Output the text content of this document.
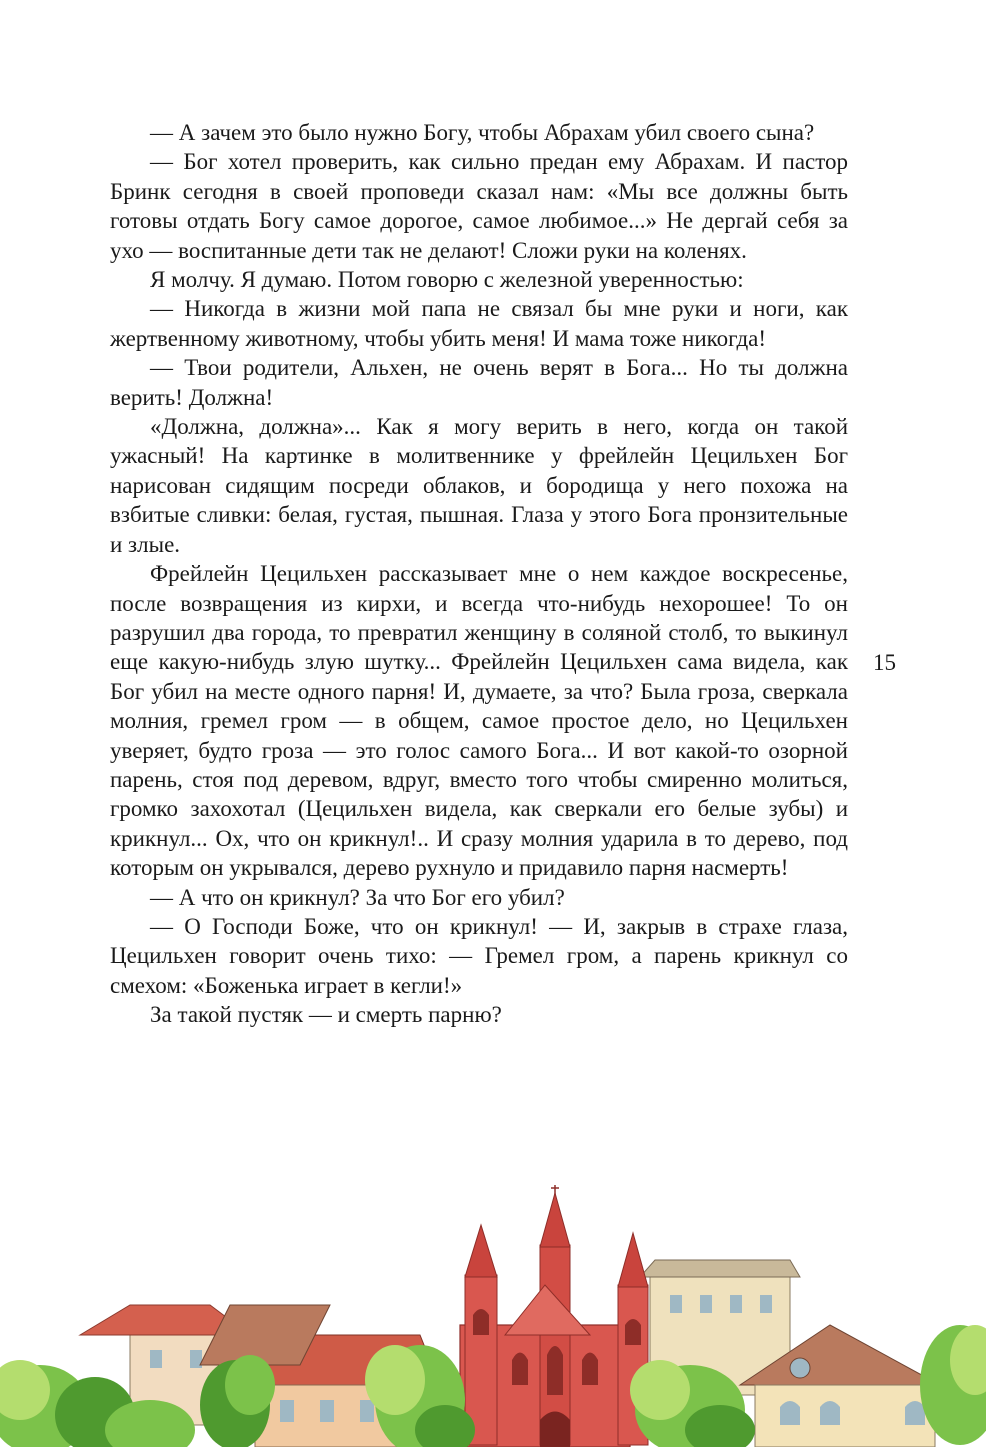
— А зачем это было нужно Богу, чтобы Абрахам убил своего сына?

— Бог хотел проверить, как сильно предан ему Абрахам. И пастор Бринк сегодня в своей проповеди сказал нам: «Мы все должны быть готовы отдать Богу самое дорогое, самое любимое...» Не дергай себя за ухо — воспитанные дети так не делают! Сложи руки на коленях.

Я молчу. Я думаю. Потом говорю с железной уверенностью:

— Никогда в жизни мой папа не связал бы мне руки и ноги, как жертвенному животному, чтобы убить меня! И мама тоже никогда!

— Твои родители, Альхен, не очень верят в Бога... Но ты должна верить! Должна!

«Должна, должна»... Как я могу верить в него, когда он такой ужасный! На картинке в молитвеннике у фрейлейн Цецильхен Бог нарисован сидящим посреди облаков, и бородища у него похожа на взбитые сливки: белая, густая, пышная. Глаза у этого Бога пронзительные и злые.

Фрейлейн Цецильхен рассказывает мне о нем каждое воскресенье, после возвращения из кирхи, и всегда что-нибудь нехорошее! То он разрушил два города, то превратил женщину в соляной столб, то выкинул еще какую-нибудь злую шутку... Фрейлейн Цецильхен сама видела, как Бог убил на месте одного парня! И, думаете, за что? Была гроза, сверкала молния, гремел гром — в общем, самое простое дело, но Цецильхен уверяет, будто гроза — это голос самого Бога... И вот какой-то озорной парень, стоя под деревом, вдруг, вместо того чтобы смиренно молиться, громко захохотал (Цецильхен видела, как сверкали его белые зубы) и крикнул... Ох, что он крикнул!.. И сразу молния ударила в то дерево, под которым он укрывался, дерево рухнуло и придавило парня насмерть!

— А что он крикнул? За что Бог его убил?

— О Господи Боже, что он крикнул! — И, закрыв в страхе глаза, Цецильхен говорит очень тихо: — Гремел гром, а парень крикнул со смехом: «Боженька играет в кегли!»

За такой пустяк — и смерть парню?

15
